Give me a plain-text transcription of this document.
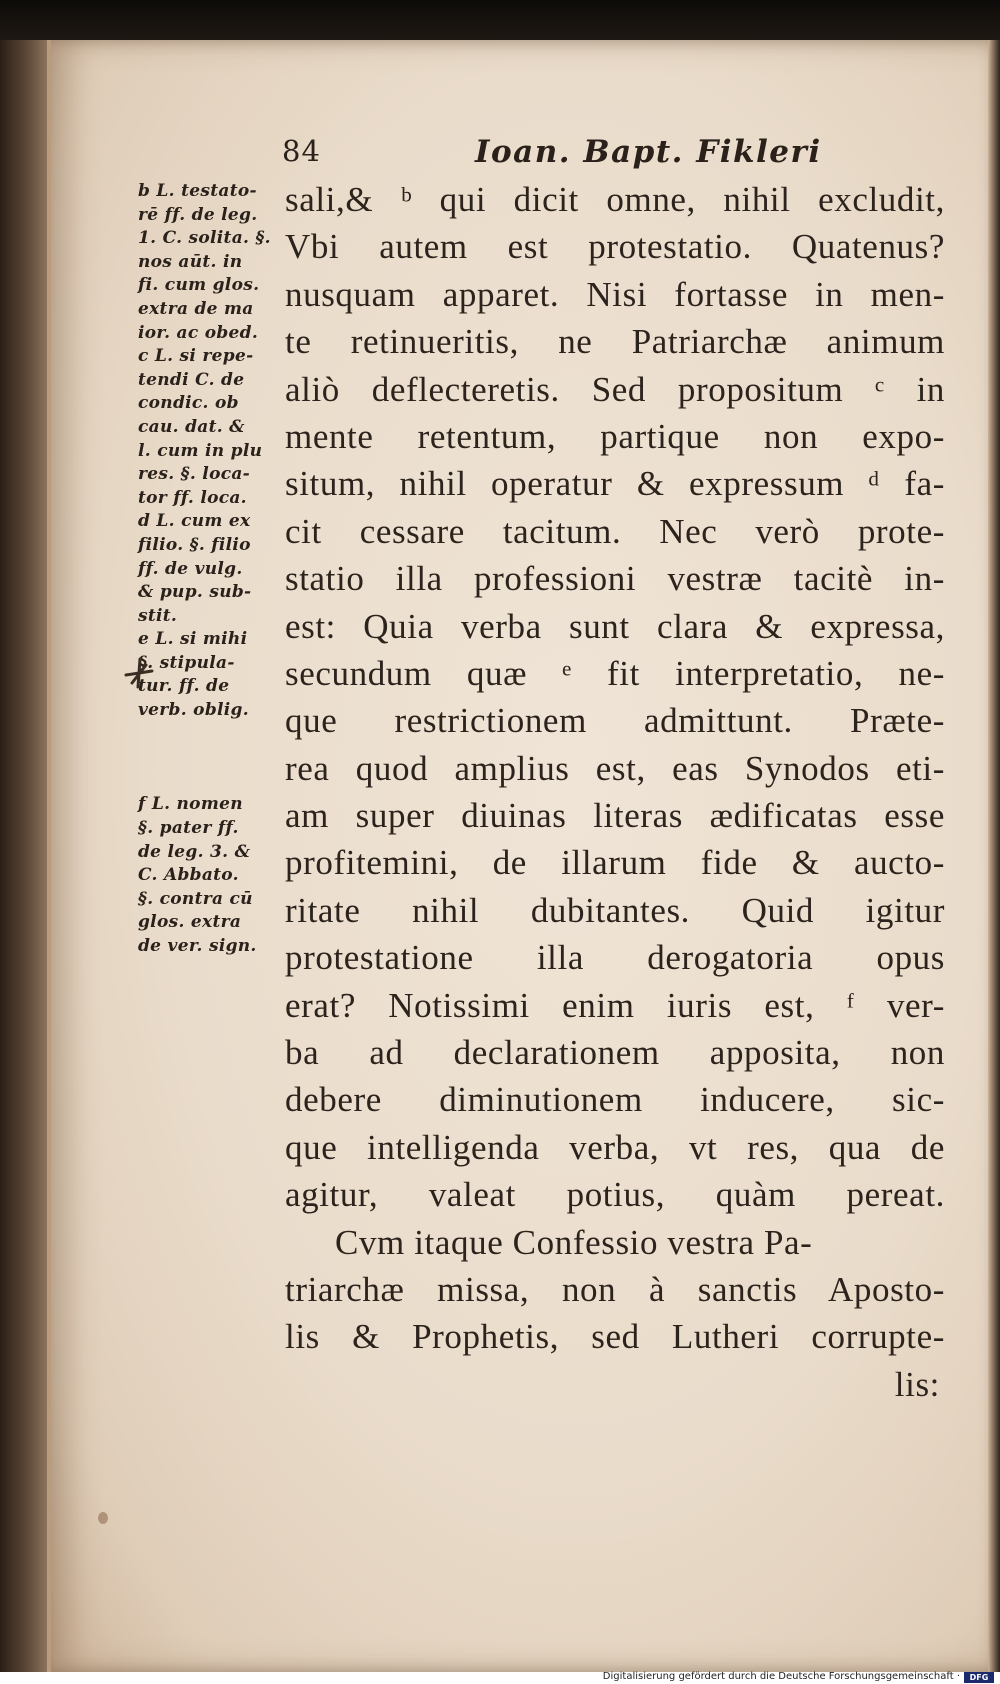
84	Ioan. Bapt. Fikleri
b L. testato-
rē ff. de leg.
1. C. solita. §.
nos aūt. in
fi. cum glos.
extra de ma
ior. ac obed.
c L. si repe-
tendi C. de
condic. ob
cau. dat. &
l. cum in plu
res. §. loca-
tor ff. loca.
d L. cum ex
filio. §. filio
ff. de vulg.
& pup. sub-
stit.
e L. si mihi
§. stipula-
tur. ff. de
verb. oblig.
f L. nomen
§. pater ff.
de leg. 3. &
C. Abbato.
§. contra cū
glos. extra
de ver. sign.
sali,& ᵇ qui dicit omne, nihil excludit,
Vbi autem est protestatio. Quatenus?
nusquam apparet. Nisi fortasse in men-
te retinueritis, ne Patriarchæ animum
aliò deflecteretis. Sed propositum ᶜ in
mente retentum, partique non expo-
situm, nihil operatur & expressum ᵈ fa-
cit cessare tacitum. Nec verò prote-
statio illa professioni vestræ tacitè in-
est: Quia verba sunt clara & expressa,
secundum quæ ᵉ fit interpretatio, ne-
que restrictionem admittunt. Præte-
rea quod amplius est, eas Synodos eti-
am super diuinas literas ædificatas esse
profitemini, de illarum fide & aucto-
ritate nihil dubitantes. Quid igitur
protestatione illa derogatoria opus
erat? Notissimi enim iuris est, ᶠ ver-
ba ad declarationem apposita, non
debere diminutionem inducere, sic-
que intelligenda verba, vt res, qua de
agitur, valeat potius, quàm pereat.
Cvm itaque Confessio vestra Pa-
triarchæ missa, non à sanctis Aposto-
lis & Prophetis, sed Lutheri corrupte-
lis:
Digitalisierung gefördert durch die Deutsche Forschungsgemeinschaft ·	DFG
